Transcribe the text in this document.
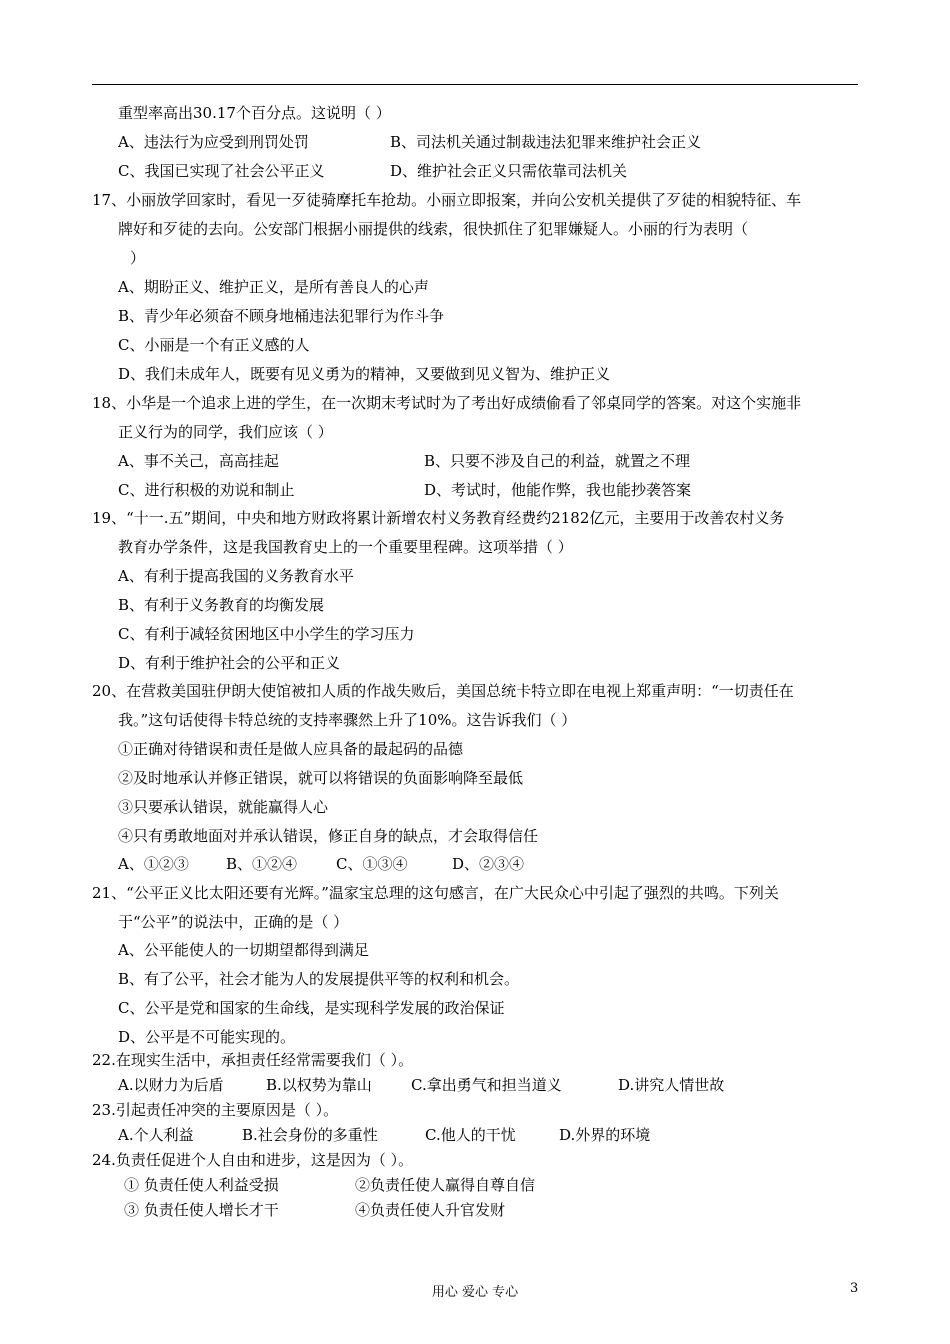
重型率高出30.17个百分点。这说明（ ）
A、违法行为应受到刑罚处罚	B、司法机关通过制裁违法犯罪来维护社会正义
C、我国已实现了社会公平正义	D、维护社会正义只需依靠司法机关
17、小丽放学回家时，看见一歹徒骑摩托车抢劫。小丽立即报案，并向公安机关提供了歹徒的相貌特征、车
牌好和歹徒的去向。公安部门根据小丽提供的线索，很快抓住了犯罪嫌疑人。小丽的行为表明（
）
A、期盼正义、维护正义，是所有善良人的心声
B、青少年必须奋不顾身地桶违法犯罪行为作斗争
C、小丽是一个有正义感的人
D、我们未成年人，既要有见义勇为的精神，又要做到见义智为、维护正义
18、小华是一个追求上进的学生，在一次期末考试时为了考出好成绩偷看了邻桌同学的答案。对这个实施非
正义行为的同学，我们应该（ ）
A、事不关己，高高挂起	B、只要不涉及自己的利益，就置之不理
C、进行积极的劝说和制止	D、考试时，他能作弊，我也能抄袭答案
19、“十一.五”期间，中央和地方财政将累计新增农村义务教育经费约2182亿元，主要用于改善农村义务
教育办学条件，这是我国教育史上的一个重要里程碑。这项举措（ ）
A、有利于提高我国的义务教育水平
B、有利于义务教育的均衡发展
C、有利于减轻贫困地区中小学生的学习压力
D、有利于维护社会的公平和正义
20、在营救美国驻伊朗大使馆被扣人质的作战失败后，美国总统卡特立即在电视上郑重声明：“一切责任在
我。”这句话使得卡特总统的支持率骤然上升了10%。这告诉我们（ ）
①正确对待错误和责任是做人应具备的最起码的品德
②及时地承认并修正错误，就可以将错误的负面影响降至最低
③只要承认错误，就能赢得人心
④只有勇敢地面对并承认错误，修正自身的缺点，才会取得信任
A、①②③ B、①②④	C、①③④	D、②③④
21、“公平正义比太阳还要有光辉。”温家宝总理的这句感言，在广大民众心中引起了强烈的共鸣。下列关
于“公平”的说法中，正确的是（ ）
A、公平能使人的一切期望都得到满足
B、有了公平，社会才能为人的发展提供平等的权利和机会。
C、公平是党和国家的生命线，是实现科学发展的政治保证
D、公平是不可能实现的。
22.在现实生活中，承担责任经常需要我们（ ）。
A.以财力为后盾	B.以权势为靠山	C.拿出勇气和担当道义	D.讲究人情世故
23.引起责任冲突的主要原因是（ ）。
A.个人利益	B.社会身份的多重性	C.他人的干忧	D.外界的环境
24.负责任促进个人自由和进步，这是因为（ ）。
① 负责任使人利益受损	②负责任使人赢得自尊自信
③ 负责任使人增长才干	④负责任使人升官发财
用心 爱心 专心	3
